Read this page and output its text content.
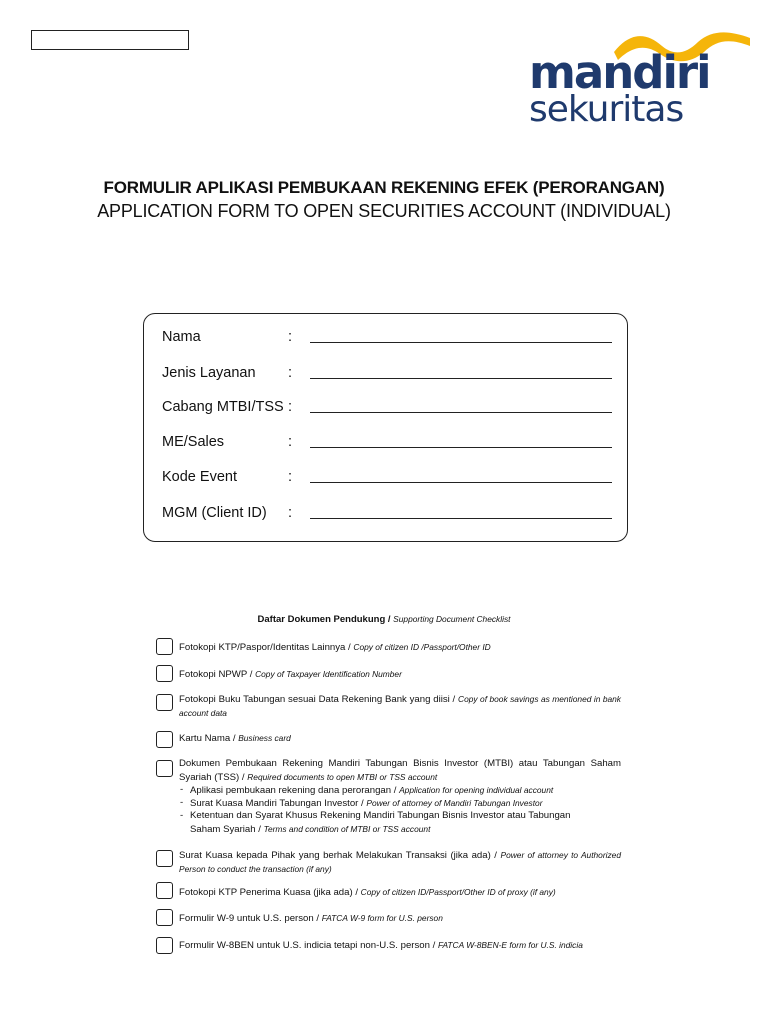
mandiri
sekuritas
FORMULIR APLIKASI PEMBUKAAN REKENING EFEK (PERORANGAN)
APPLICATION FORM TO OPEN SECURITIES ACCOUNT (INDIVIDUAL)
Nama	:
Jenis Layanan :
Cabang MTBI/TSS :
ME/Sales	:
Kode Event	:
MGM (Client ID) :
Daftar Dokumen Pendukung / Supporting Document Checklist
Fotokopi KTP/Paspor/Identitas Lainnya / Copy of citizen ID /Passport/Other ID
Fotokopi NPWP / Copy of Taxpayer Identification Number
Fotokopi Buku Tabungan sesuai Data Rekening Bank yang diisi / Copy of book savings as mentioned in bank account data
Kartu Nama / Business card
Dokumen Pembukaan Rekening Mandiri Tabungan Bisnis Investor (MTBI) atau Tabungan Saham Syariah (TSS) / Required documents to open MTBI or TSS account
- Aplikasi pembukaan rekening dana perorangan / Application for opening individual account
- Surat Kuasa Mandiri Tabungan Investor / Power of attorney of Mandiri Tabungan Investor
- Ketentuan dan Syarat Khusus Rekening Mandiri Tabungan Bisnis Investor atau Tabungan
Saham Syariah / Terms and condition of MTBI or TSS account
Surat Kuasa kepada Pihak yang berhak Melakukan Transaksi (jika ada) / Power of attorney to Authorized Person to conduct the transaction (if any)
Fotokopi KTP Penerima Kuasa (jika ada) / Copy of citizen ID/Passport/Other ID of proxy (if any)
Formulir W-9 untuk U.S. person / FATCA W-9 form for U.S. person
Formulir W-8BEN untuk U.S. indicia tetapi non-U.S. person / FATCA W-8BEN-E form for U.S. indicia
